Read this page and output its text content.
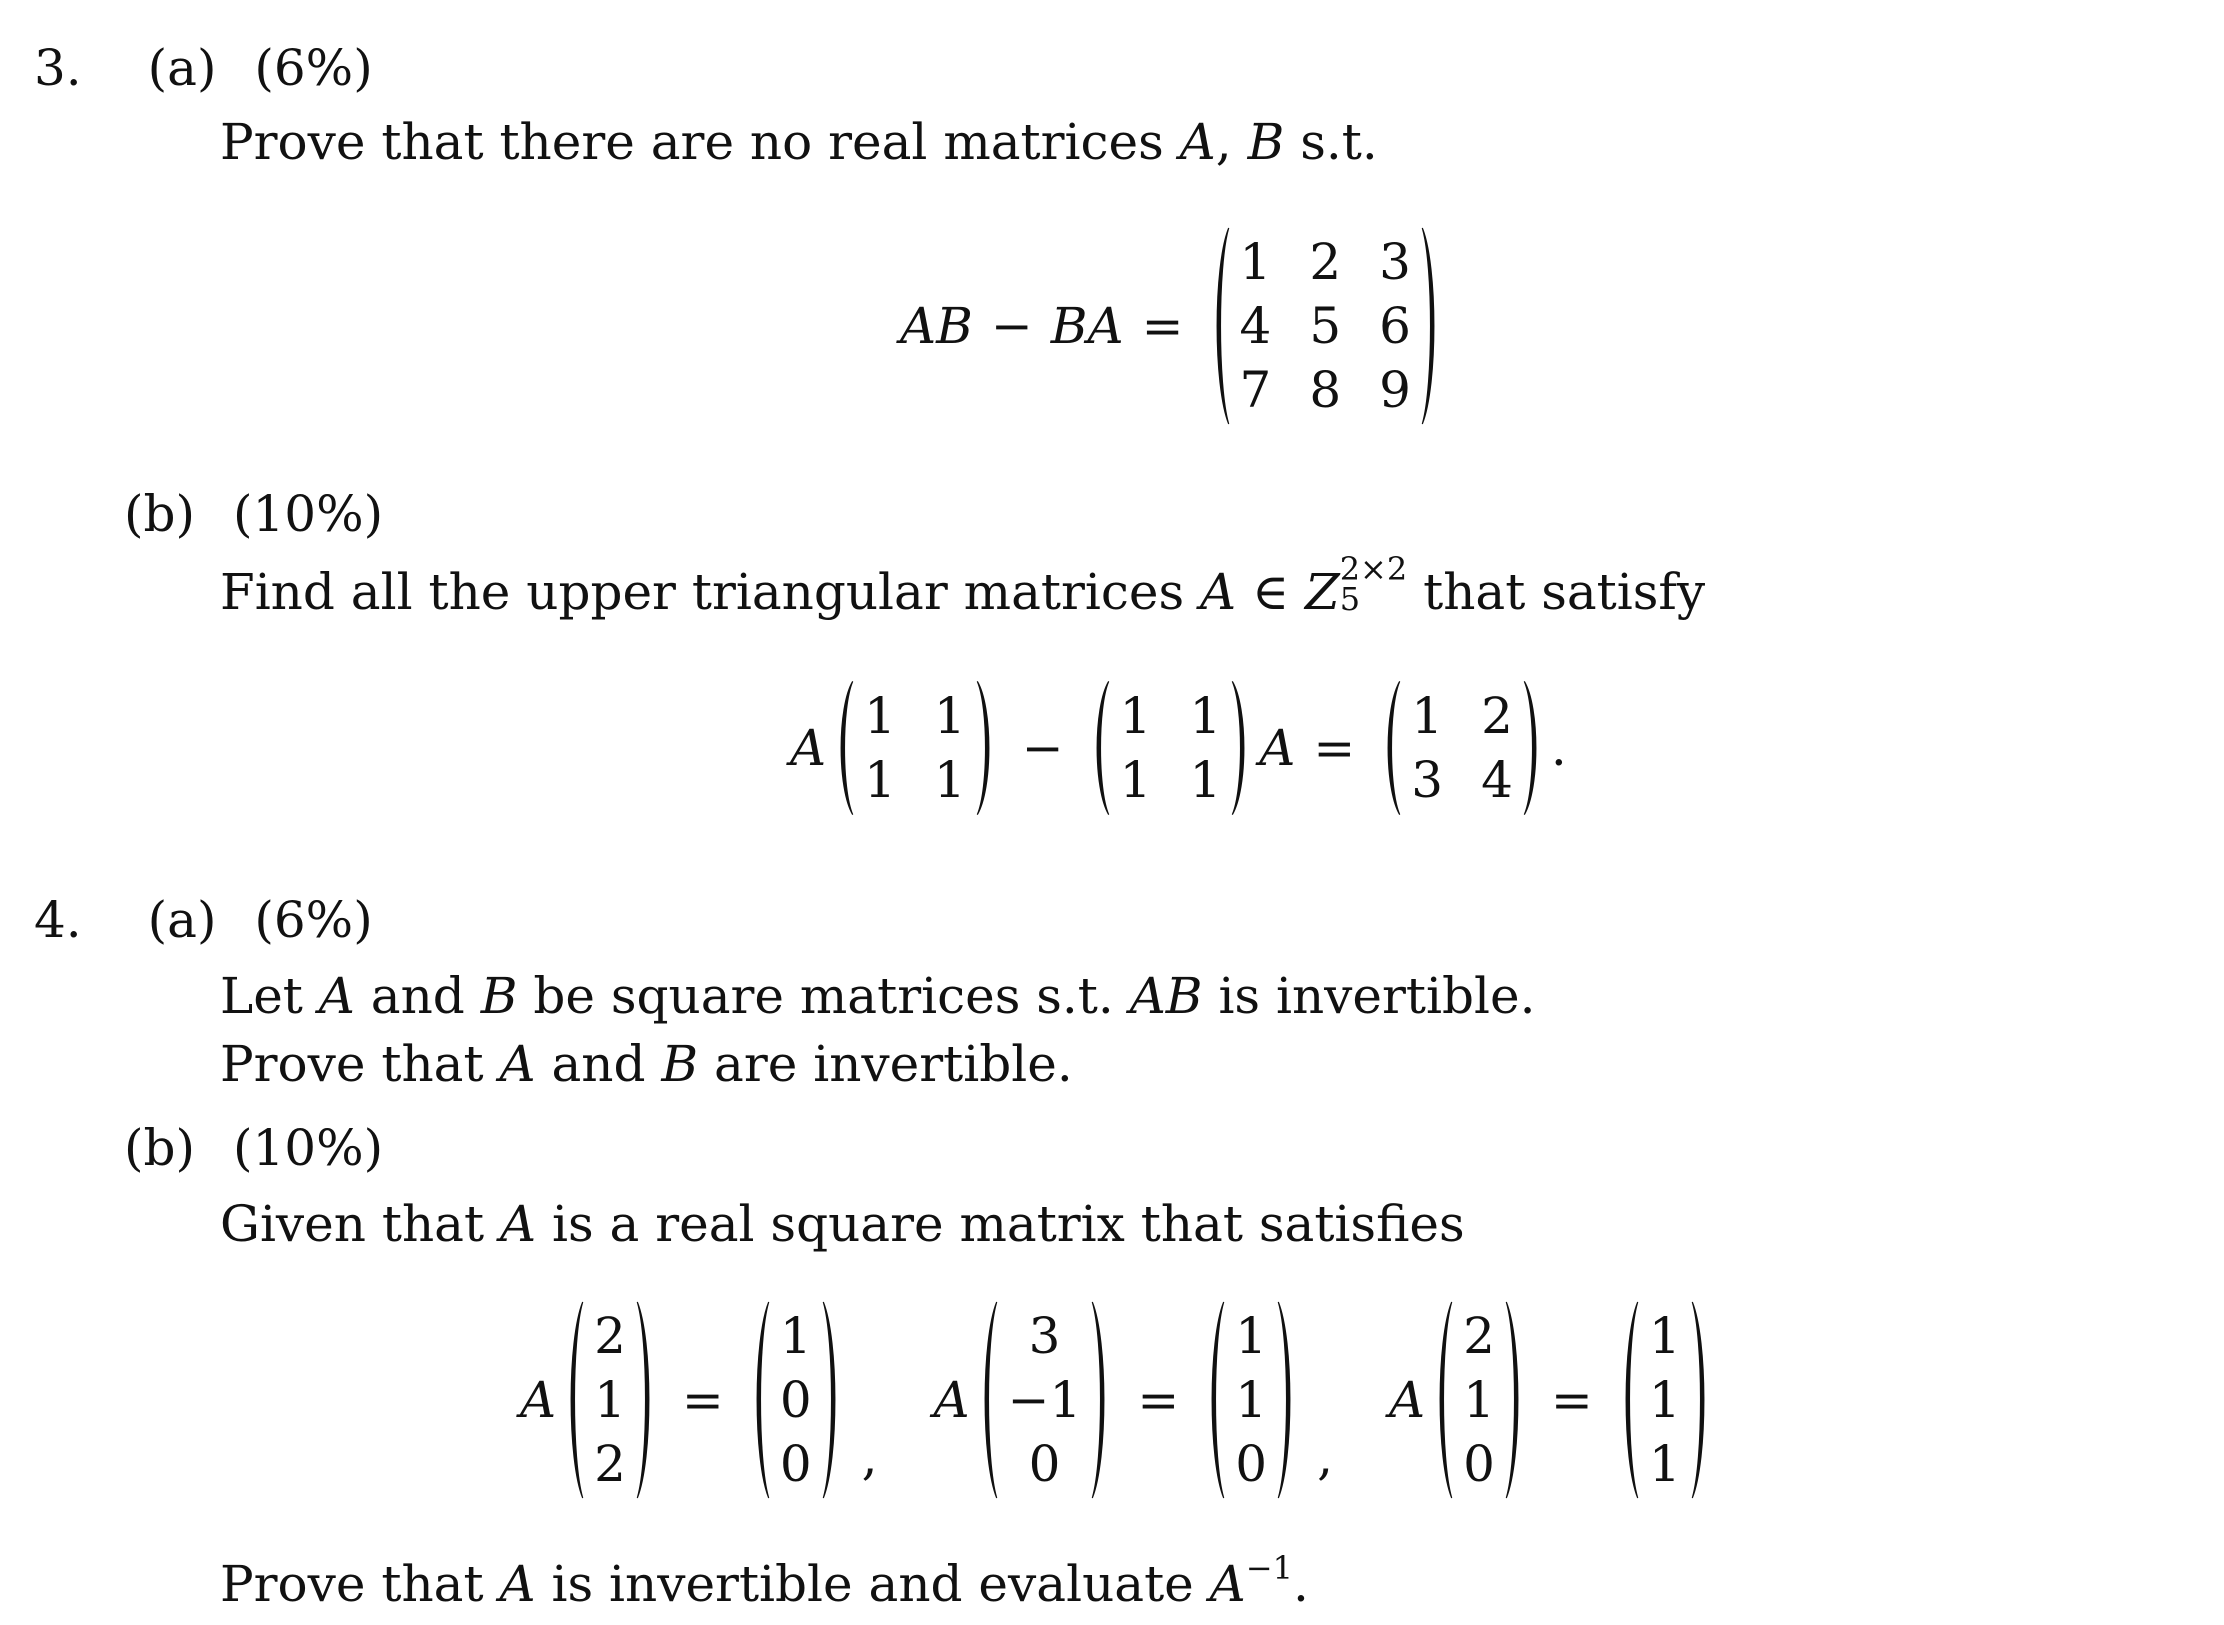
3. (a) (6%)
Prove that there are no real matrices A, B s.t.
AB − BA =
1 2 3
4 5 6
7 8 9
(b) (10%)
Find all the upper triangular matrices A ∈ Z 2×2
5 that satisfy
A
1 1
1 1
−
1 1
1 1
A =
1 2
3 4
.
4. (a) (6%)
Let A and B be square matrices s.t. AB is invertible.
Prove that A and B are invertible.
(b) (10%)
Given that A is a real square matrix that satisfies
A
2
1
2
=
1
0
0 ,
A
3
−1
0
=
1
1
0 ,
A
2
1
0
=
1
1
1
Prove that A is invertible and evaluate $A^{-1}$.
